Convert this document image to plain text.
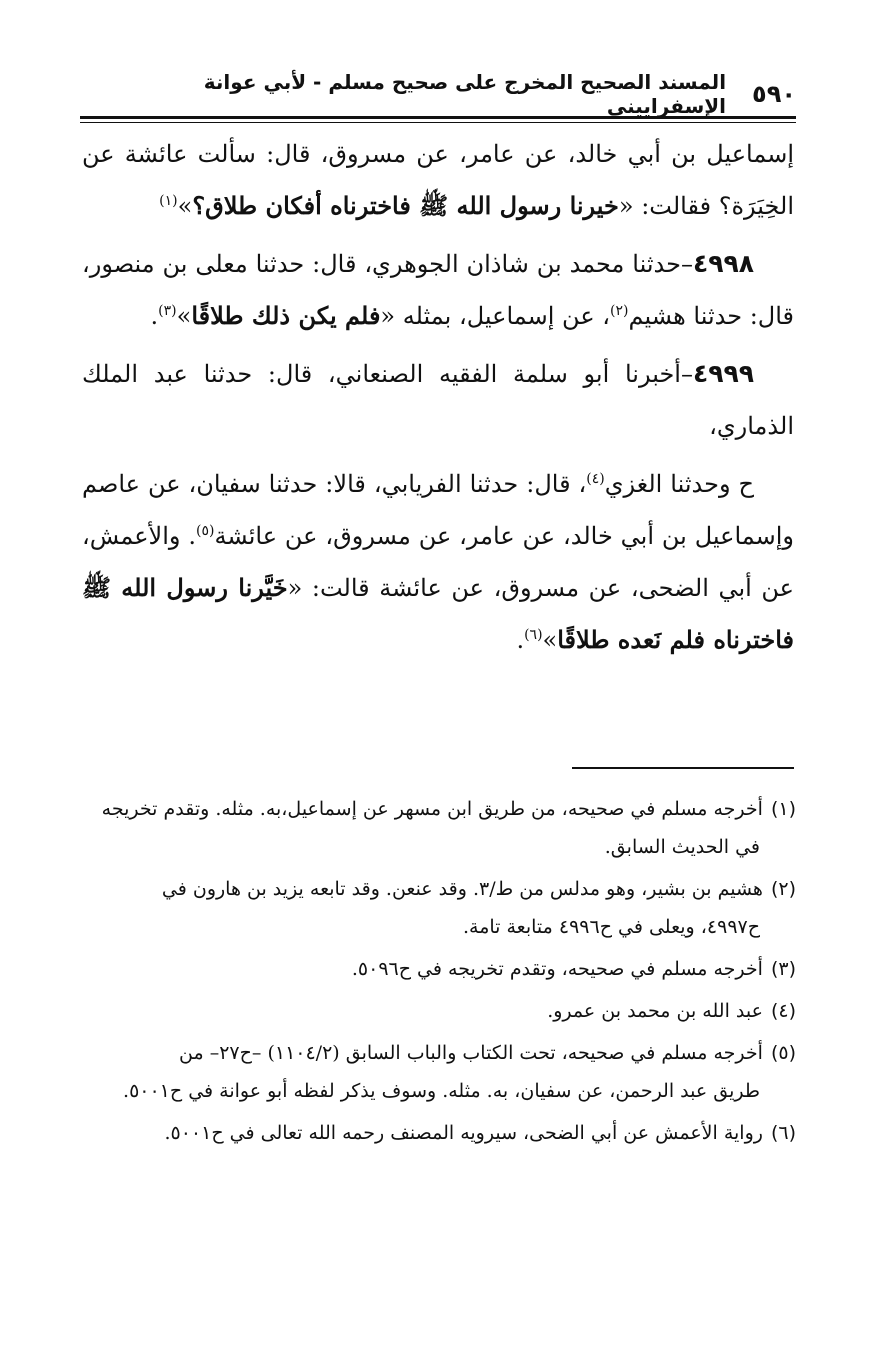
٥٩٠
المسند الصحيح المخرج على صحيح مسلم - لأبي عوانة الإسفراييني

إسماعيل بن أبي خالد، عن عامر، عن مسروق، قال: سألت عائشة عن الخِيَرَة؟ فقالت: «خيرنا رسول الله ﷺ فاخترناه أفكان طلاق؟»$^{(١)}$

٤٩٩٨–حدثنا محمد بن شاذان الجوهري، قال: حدثنا معلى بن منصور، قال: حدثنا هشيم$^{(٢)}$، عن إسماعيل، بمثله «فلم يكن ذلك طلاقًا»$^{(٣)}$.

٤٩٩٩–أخبرنا أبو سلمة الفقيه الصنعاني، قال: حدثنا عبد الملك الذماري،

ح وحدثنا الغزي$^{(٤)}$، قال: حدثنا الفريابي، قالا: حدثنا سفيان، عن عاصم وإسماعيل بن أبي خالد، عن عامر، عن مسروق، عن عائشة$^{(٥)}$. والأعمش، عن أبي الضحى، عن مسروق، عن عائشة قالت: «خَيَّرنا رسول الله ﷺ فاخترناه فلم نَعده طلاقًا»$^{(٦)}$.

(١)أخرجه مسلم في صحيحه، من طريق ابن مسهر عن إسماعيل،به. مثله. وتقدم تخريجه
في الحديث السابق.
(٢)هشيم بن بشير، وهو مدلس من ط/٣. وقد عنعن. وقد تابعه يزيد بن هارون في
ح٤٩٩٧، ويعلى في ح٤٩٩٦ متابعة تامة.
(٣)أخرجه مسلم في صحيحه، وتقدم تخريجه في ح٥٠٩٦.
(٤)عبد الله بن محمد بن عمرو.
(٥)أخرجه مسلم في صحيحه، تحت الكتاب والباب السابق (١١٠٤/٢) –ح٢٧– من
طريق عبد الرحمن، عن سفيان، به. مثله. وسوف يذكر لفظه أبو عوانة في ح٥٠٠١.
(٦)رواية الأعمش عن أبي الضحى، سيرويه المصنف رحمه الله تعالى في ح٥٠٠١.
